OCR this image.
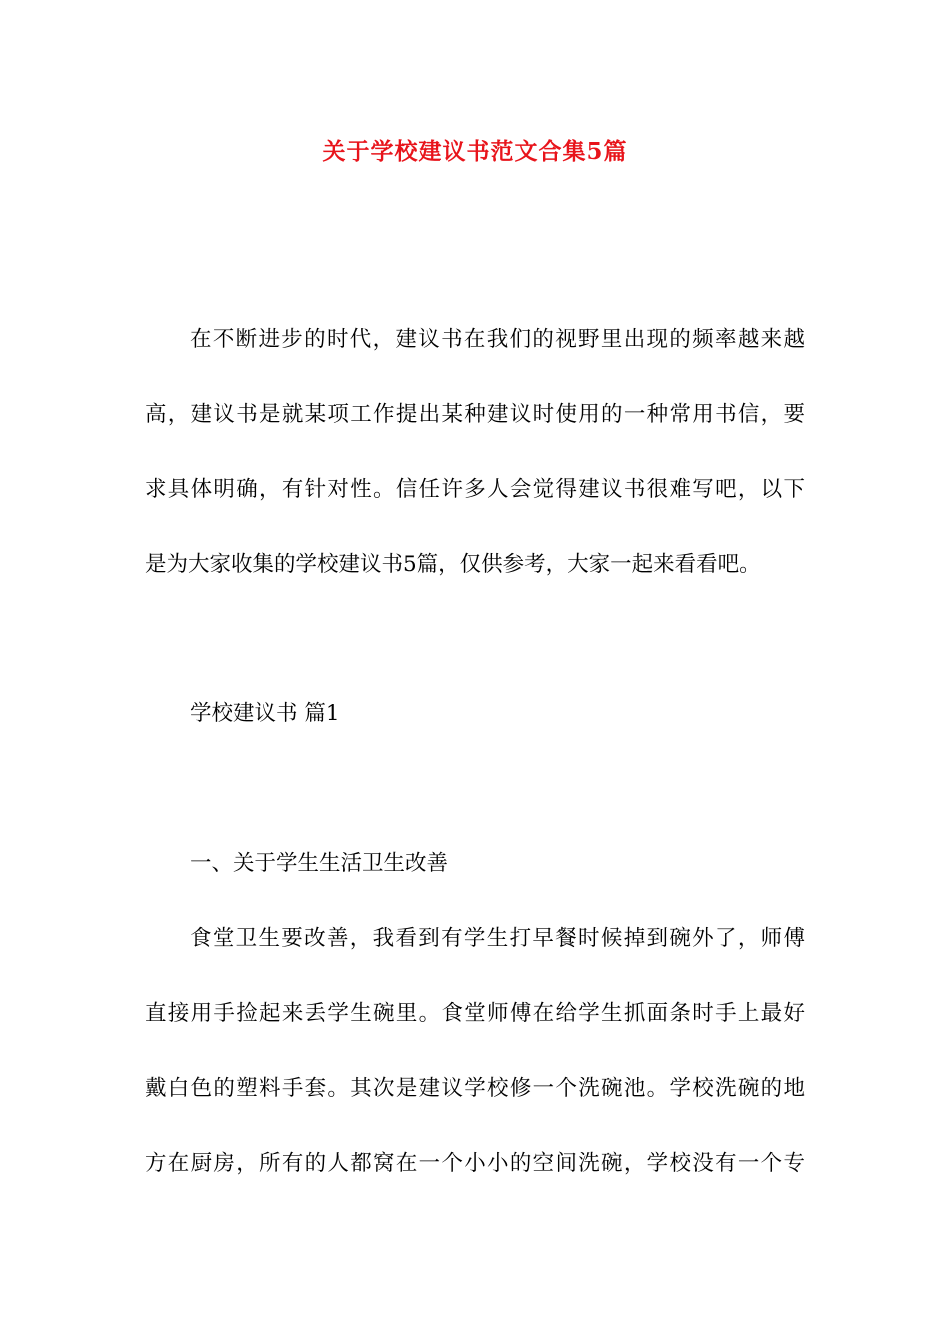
关于学校建议书范文合集5篇
在不断进步的时代，建议书在我们的视野里出现的频率越来越
高，建议书是就某项工作提出某种建议时使用的一种常用书信，要
求具体明确，有针对性。信任许多人会觉得建议书很难写吧，以下
是为大家收集的学校建议书5篇，仅供参考，大家一起来看看吧。
学校建议书 篇1
一、关于学生生活卫生改善
食堂卫生要改善，我看到有学生打早餐时候掉到碗外了，师傅
直接用手捡起来丢学生碗里。食堂师傅在给学生抓面条时手上最好
戴白色的塑料手套。其次是建议学校修一个洗碗池。学校洗碗的地
方在厨房，所有的人都窝在一个小小的空间洗碗，学校没有一个专
